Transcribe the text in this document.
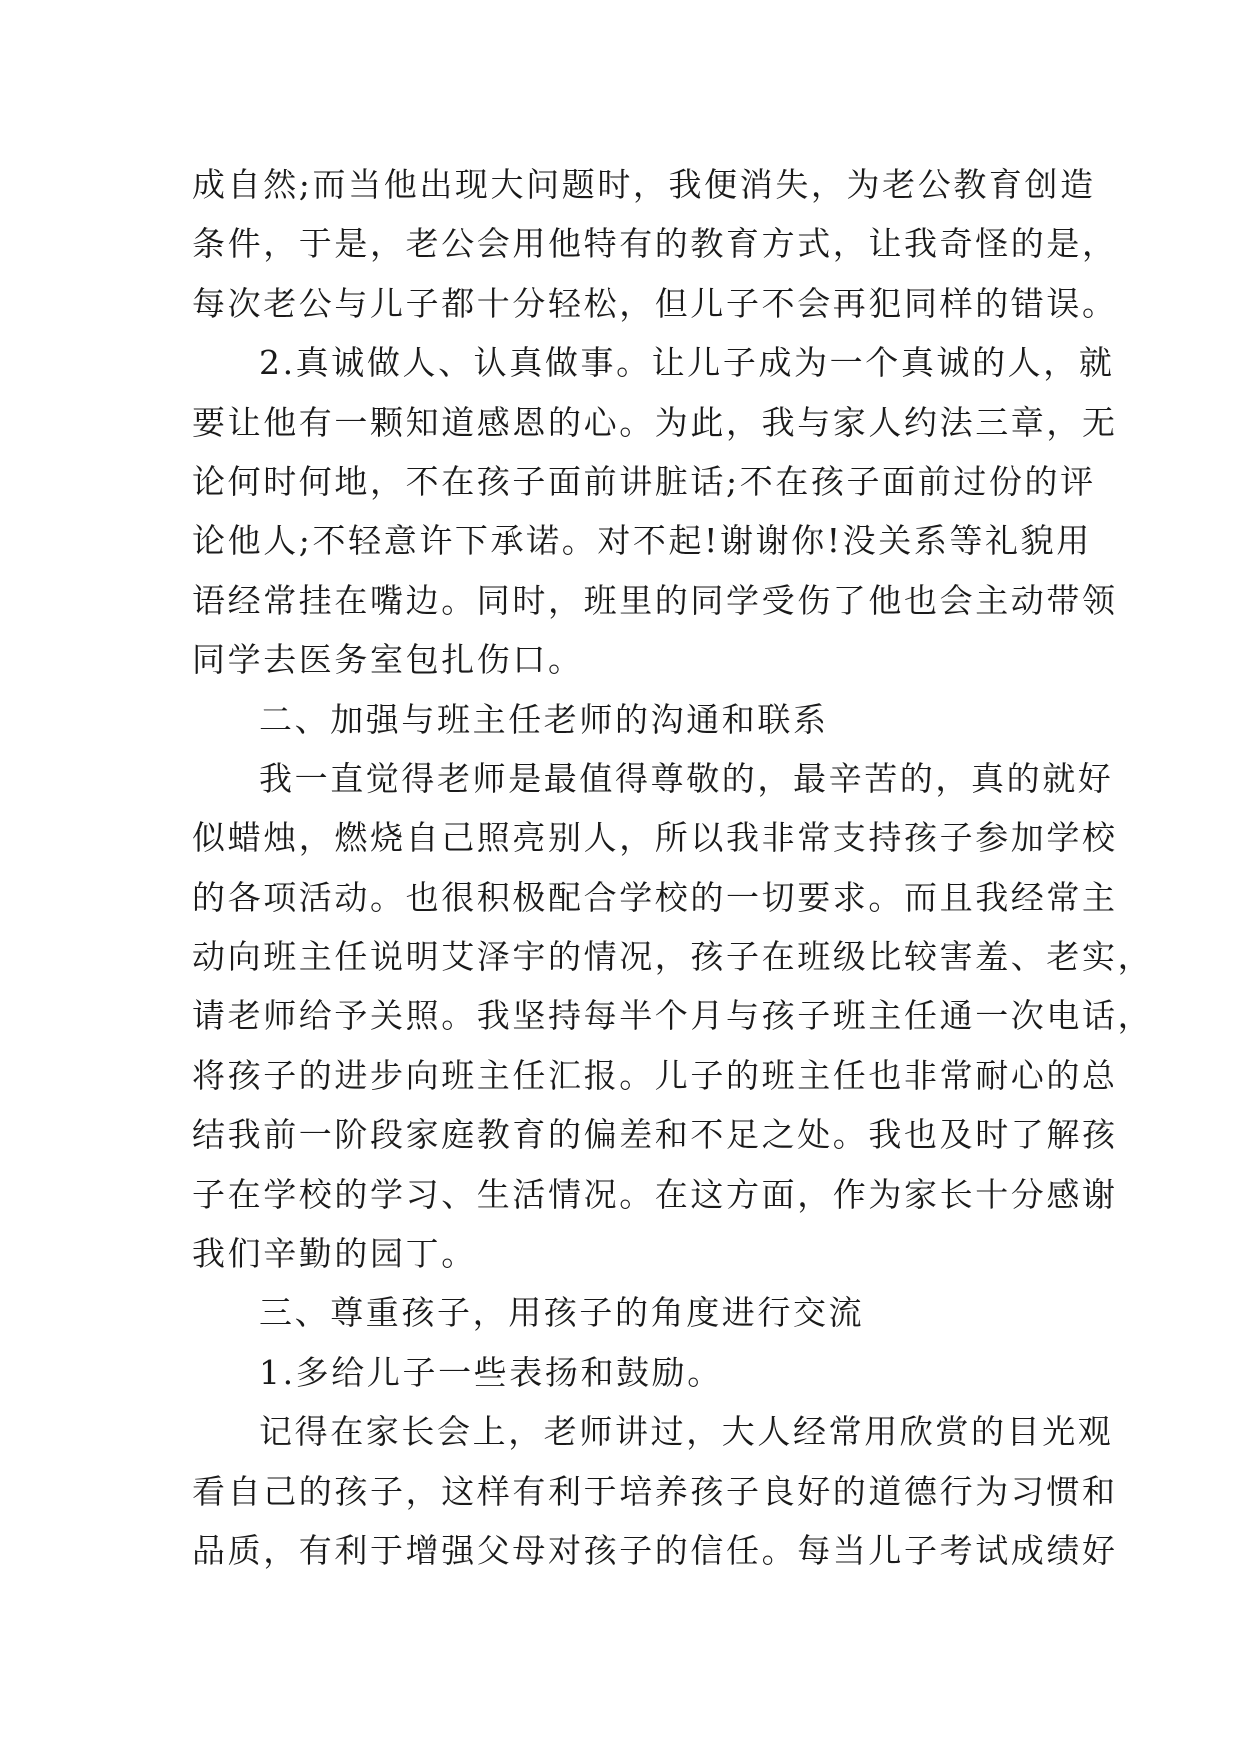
成自然;而当他出现大问题时，我便消失，为老公教育创造
条件，于是，老公会用他特有的教育方式，让我奇怪的是，
每次老公与儿子都十分轻松，但儿子不会再犯同样的错误。
2.真诚做人、认真做事。让儿子成为一个真诚的人，就
要让他有一颗知道感恩的心。为此，我与家人约法三章，无
论何时何地，不在孩子面前讲脏话;不在孩子面前过份的评
论他人;不轻意许下承诺。对不起!谢谢你!没关系等礼貌用
语经常挂在嘴边。同时，班里的同学受伤了他也会主动带领
同学去医务室包扎伤口。
二、加强与班主任老师的沟通和联系
我一直觉得老师是最值得尊敬的，最辛苦的，真的就好
似蜡烛，燃烧自己照亮别人，所以我非常支持孩子参加学校
的各项活动。也很积极配合学校的一切要求。而且我经常主
动向班主任说明艾泽宇的情况，孩子在班级比较害羞、老实，
请老师给予关照。我坚持每半个月与孩子班主任通一次电话，
将孩子的进步向班主任汇报。儿子的班主任也非常耐心的总
结我前一阶段家庭教育的偏差和不足之处。我也及时了解孩
子在学校的学习、生活情况。在这方面，作为家长十分感谢
我们辛勤的园丁。
三、尊重孩子，用孩子的角度进行交流
1.多给儿子一些表扬和鼓励。
记得在家长会上，老师讲过，大人经常用欣赏的目光观
看自己的孩子，这样有利于培养孩子良好的道德行为习惯和
品质，有利于增强父母对孩子的信任。每当儿子考试成绩好
